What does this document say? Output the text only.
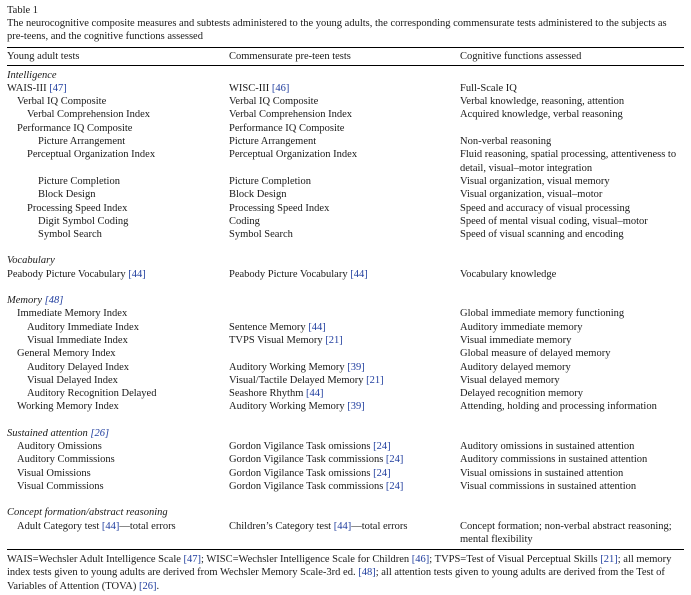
Table 1
The neurocognitive composite measures and subtests administered to the young adults, the corresponding commensurate tests administered to the subjects as pre-teens, and the cognitive functions assessed
Young adult tests	Commensurate pre-teen tests	Cognitive functions assessed
Intelligence		
WAIS-III [47]	WISC-III [46]	Full-Scale IQ
Verbal IQ Composite	Verbal IQ Composite	Verbal knowledge, reasoning, attention
Verbal Comprehension Index	Verbal Comprehension Index	Acquired knowledge, verbal reasoning
Performance IQ Composite	Performance IQ Composite	
Picture Arrangement	Picture Arrangement	Non-verbal reasoning
Perceptual Organization Index	Perceptual Organization Index	Fluid reasoning, spatial processing, attentiveness to detail, visual–motor integration
Picture Completion	Picture Completion	Visual organization, visual memory
Block Design	Block Design	Visual organization, visual–motor
Processing Speed Index	Processing Speed Index	Speed and accuracy of visual processing
Digit Symbol Coding	Coding	Speed of mental visual coding, visual–motor
Symbol Search	Symbol Search	Speed of visual scanning and encoding

Vocabulary		
Peabody Picture Vocabulary [44]	Peabody Picture Vocabulary [44]	Vocabulary knowledge

Memory [48]		
Immediate Memory Index		Global immediate memory functioning
Auditory Immediate Index	Sentence Memory [44]	Auditory immediate memory
Visual Immediate Index	TVPS Visual Memory [21]	Visual immediate memory
General Memory Index		Global measure of delayed memory
Auditory Delayed Index	Auditory Working Memory [39]	Auditory delayed memory
Visual Delayed Index	Visual/Tactile Delayed Memory [21]	Visual delayed memory
Auditory Recognition Delayed	Seashore Rhythm [44]	Delayed recognition memory
Working Memory Index	Auditory Working Memory [39]	Attending, holding and processing information

Sustained attention [26]		
Auditory Omissions	Gordon Vigilance Task omissions [24]	Auditory omissions in sustained attention
Auditory Commissions	Gordon Vigilance Task commissions [24]	Auditory commissions in sustained attention
Visual Omissions	Gordon Vigilance Task omissions [24]	Visual omissions in sustained attention
Visual Commissions	Gordon Vigilance Task commissions [24]	Visual commissions in sustained attention

Concept formation/abstract reasoning		
Adult Category test [44]—total errors	Children’s Category test [44]—total errors	Concept formation; non-verbal abstract reasoning; mental flexibility
WAIS=Wechsler Adult Intelligence Scale [47]; WISC=Wechsler Intelligence Scale for Children [46]; TVPS=Test of Visual Perceptual Skills [21]; all memory index tests given to young adults are derived from Wechsler Memory Scale-3rd ed. [48]; all attention tests given to young adults are derived from the Test of Variables of Attention (TOVA) [26].
